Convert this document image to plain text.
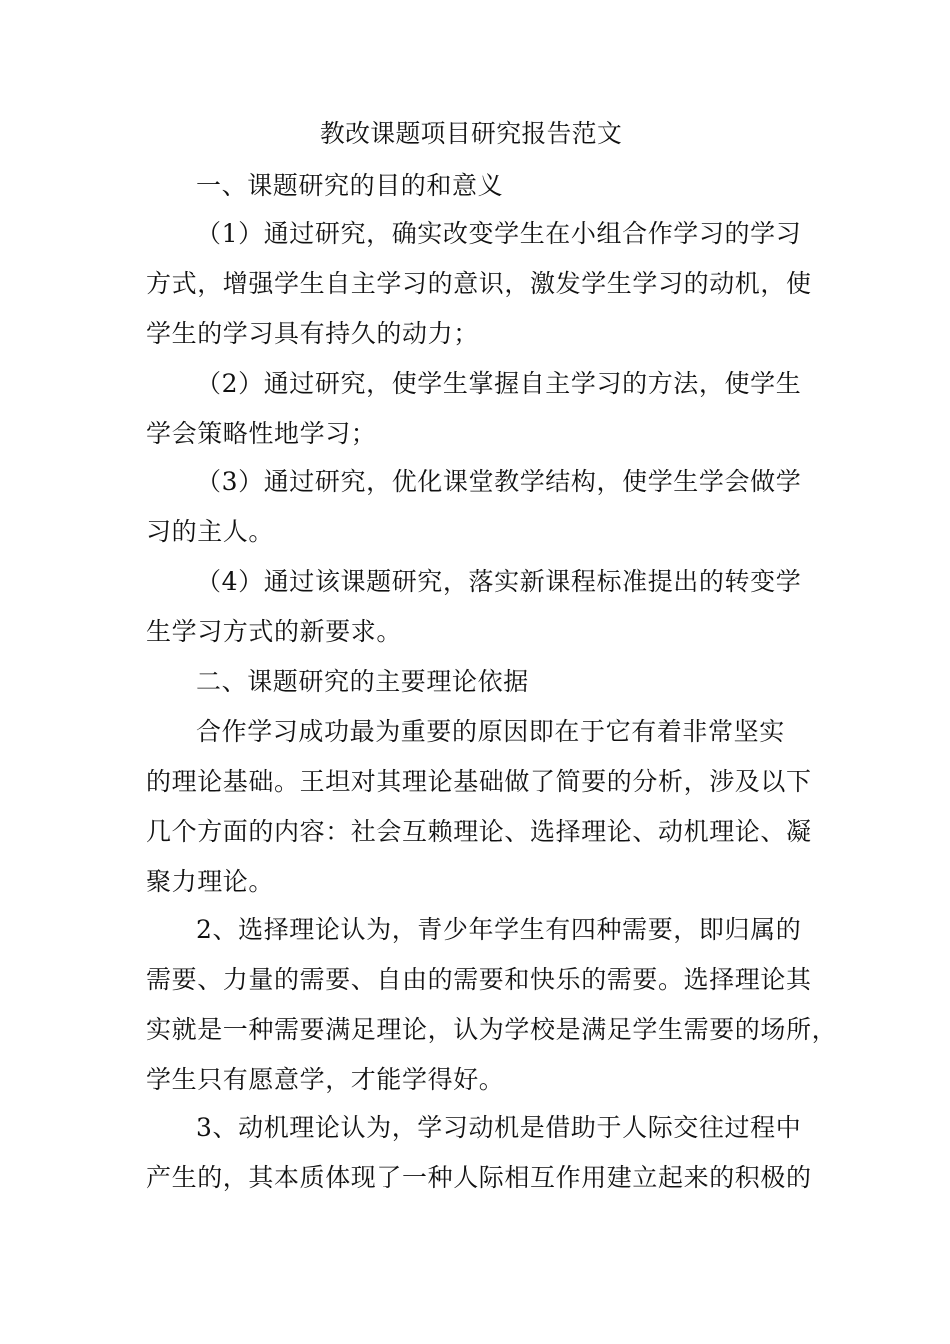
教改课题项目研究报告范文
一、课题研究的目的和意义
（1）通过研究，确实改变学生在小组合作学习的学习
方式，增强学生自主学习的意识，激发学生学习的动机，使
学生的学习具有持久的动力；
（2）通过研究，使学生掌握自主学习的方法，使学生
学会策略性地学习；
（3）通过研究，优化课堂教学结构，使学生学会做学
习的主人。
（4）通过该课题研究，落实新课程标准提出的转变学
生学习方式的新要求。
二、课题研究的主要理论依据
合作学习成功最为重要的原因即在于它有着非常坚实
的理论基础。王坦对其理论基础做了简要的分析，涉及以下
几个方面的内容：社会互赖理论、选择理论、动机理论、凝
聚力理论。
2、选择理论认为，青少年学生有四种需要，即归属的
需要、力量的需要、自由的需要和快乐的需要。选择理论其
实就是一种需要满足理论，认为学校是满足学生需要的场所，
学生只有愿意学，才能学得好。
3、动机理论认为，学习动机是借助于人际交往过程中
产生的，其本质体现了一种人际相互作用建立起来的积极的
